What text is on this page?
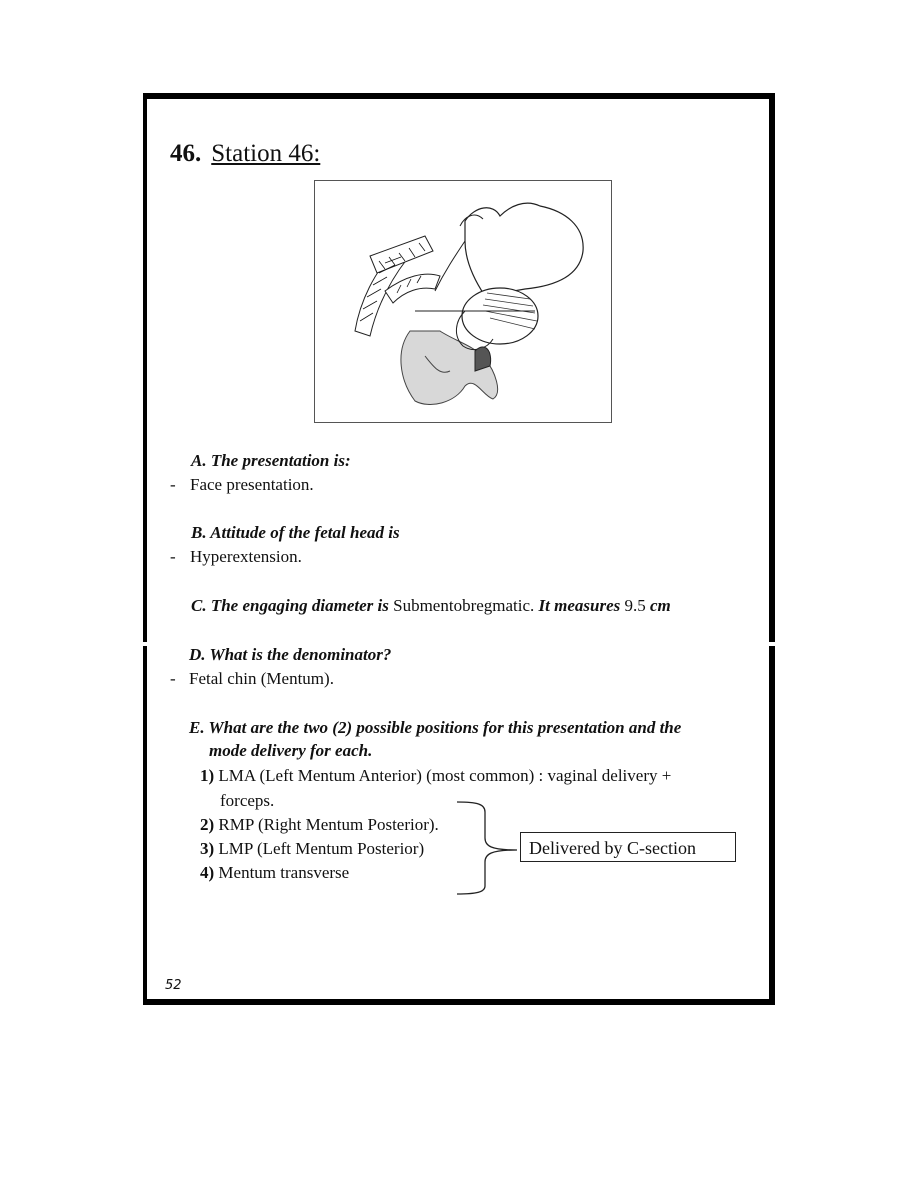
46. Station 46:
A. The presentation is:
- Face presentation.
B. Attitude of the fetal head is
- Hyperextension.
C. The engaging diameter is Submentobregmatic. It measures 9.5 cm
D. What is the denominator?
- Fetal chin (Mentum).
E. What are the two (2) possible positions for this presentation and the
mode delivery for each.
1) LMA (Left Mentum Anterior) (most common) : vaginal delivery +
forceps.
2) RMP (Right Mentum Posterior).
3) LMP (Left Mentum Posterior)
4) Mentum transverse
Delivered by C-section
52
